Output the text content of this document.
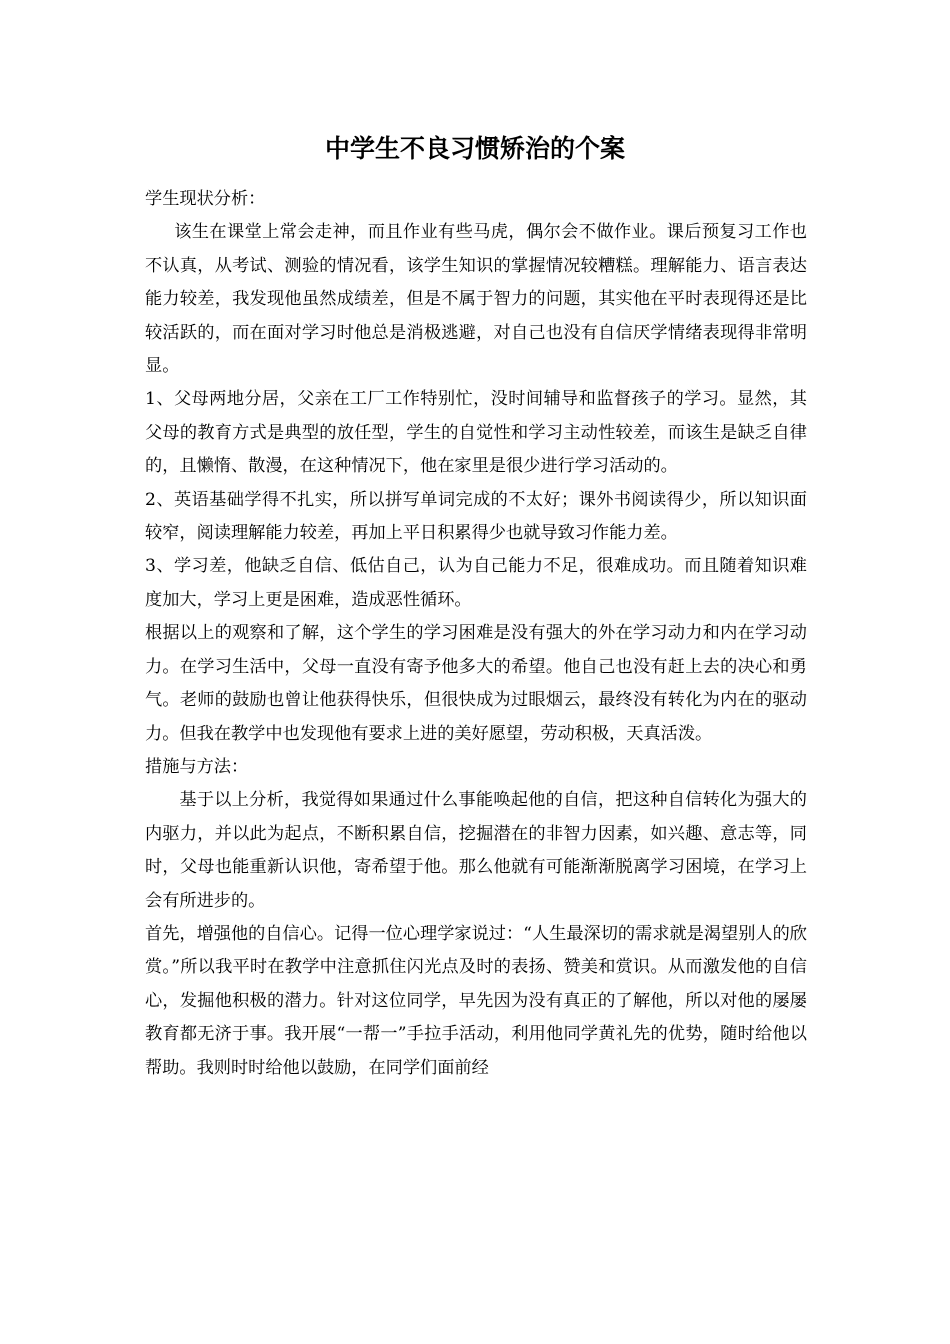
中学生不良习惯矫治的个案

学生现状分析：

该生在课堂上常会走神，而且作业有些马虎，偶尔会不做作业。课后预复习工作也不认真，从考试、测验的情况看，该学生知识的掌握情况较糟糕。理解能力、语言表达能力较差，我发现他虽然成绩差，但是不属于智力的问题，其实他在平时表现得还是比较活跃的，而在面对学习时他总是消极逃避，对自己也没有自信厌学情绪表现得非常明显。

1、父母两地分居，父亲在工厂工作特别忙，没时间辅导和监督孩子的学习。显然，其父母的教育方式是典型的放任型，学生的自觉性和学习主动性较差，而该生是缺乏自律的，且懒惰、散漫，在这种情况下，他在家里是很少进行学习活动的。

2、英语基础学得不扎实，所以拼写单词完成的不太好；课外书阅读得少，所以知识面较窄，阅读理解能力较差，再加上平日积累得少也就导致习作能力差。

3、学习差，他缺乏自信、低估自己，认为自己能力不足，很难成功。而且随着知识难度加大，学习上更是困难，造成恶性循环。

根据以上的观察和了解，这个学生的学习困难是没有强大的外在学习动力和内在学习动力。在学习生活中，父母一直没有寄予他多大的希望。他自己也没有赶上去的决心和勇气。老师的鼓励也曾让他获得快乐，但很快成为过眼烟云，最终没有转化为内在的驱动力。但我在教学中也发现他有要求上进的美好愿望，劳动积极，天真活泼。

措施与方法：

基于以上分析，我觉得如果通过什么事能唤起他的自信，把这种自信转化为强大的内驱力，并以此为起点，不断积累自信，挖掘潜在的非智力因素，如兴趣、意志等，同时，父母也能重新认识他，寄希望于他。那么他就有可能渐渐脱离学习困境，在学习上会有所进步的。

首先，增强他的自信心。记得一位心理学家说过：“人生最深切的需求就是渴望别人的欣赏。”所以我平时在教学中注意抓住闪光点及时的表扬、赞美和赏识。从而激发他的自信心，发掘他积极的潜力。针对这位同学，早先因为没有真正的了解他，所以对他的屡屡教育都无济于事。我开展“一帮一”手拉手活动，利用他同学黄礼先的优势，随时给他以帮助。我则时时给他以鼓励，在同学们面前经
